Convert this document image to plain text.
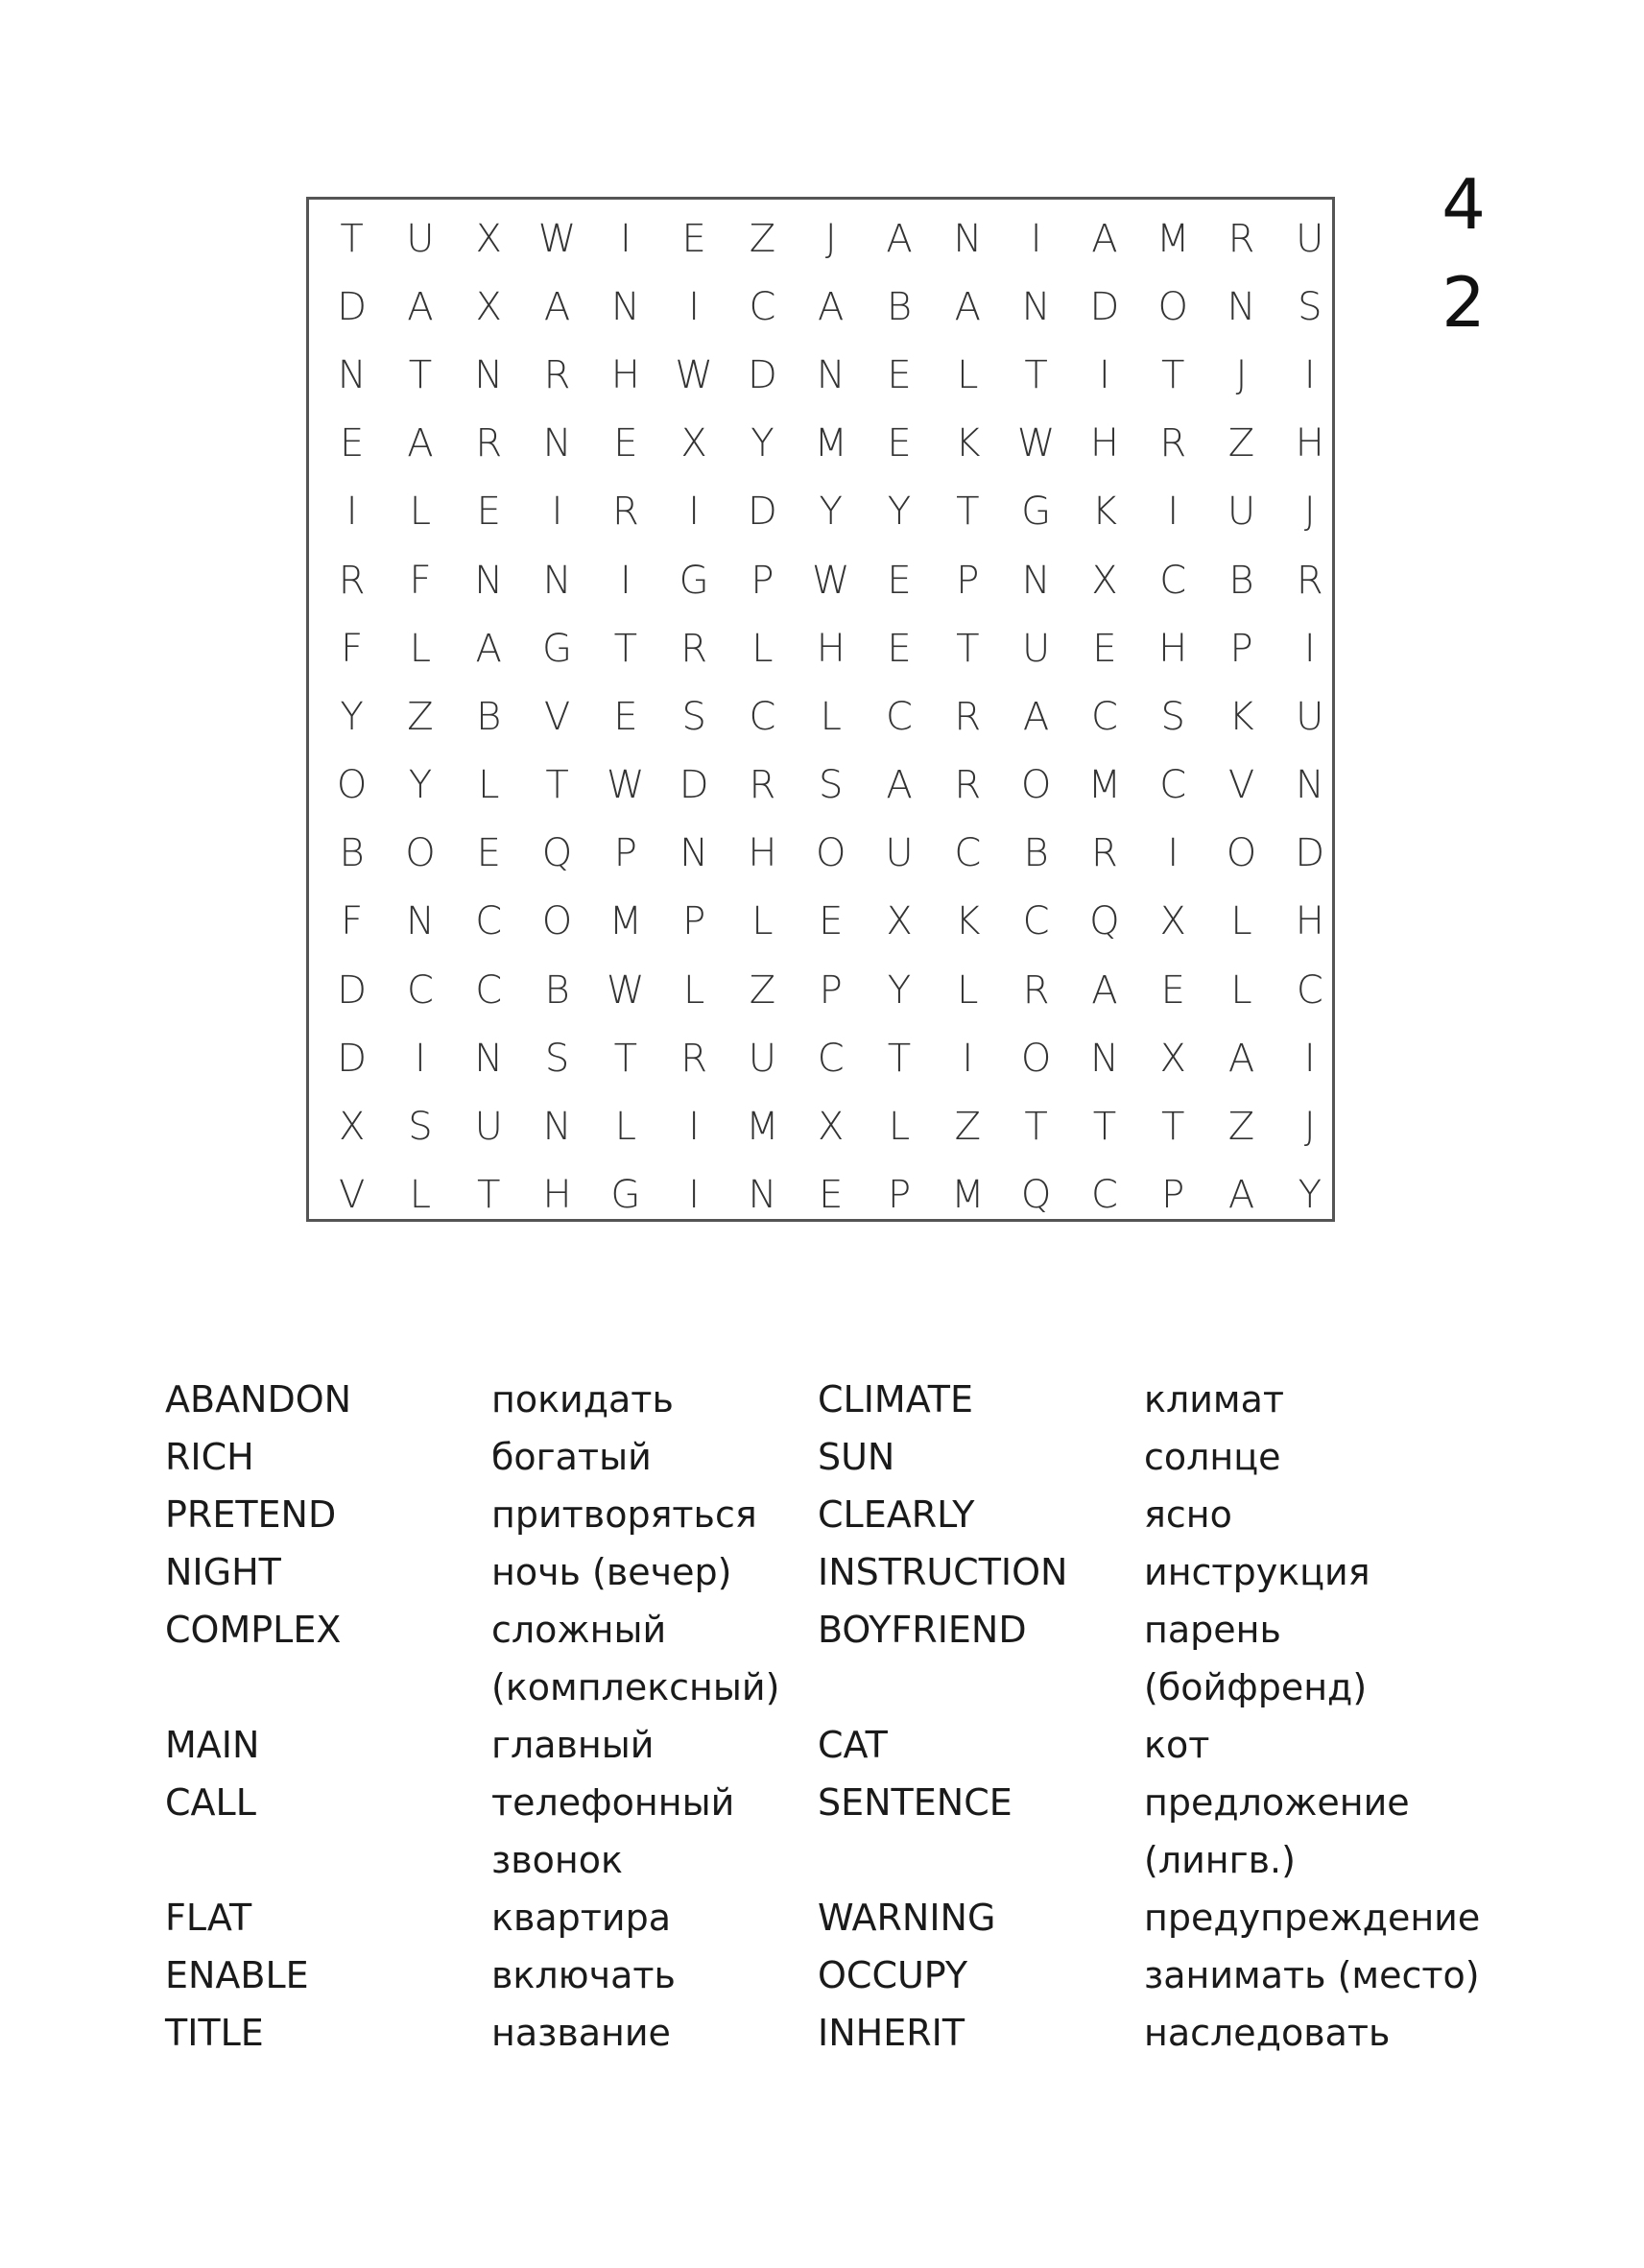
4
2
T	U	X W	I	E	Z	J	A	N	I	A	M	R	U
D	A	X	A	N	I	C	A	B	A	N	D	O	N	S
N	T	N	R	H W D	N	E	L	T	I	T	J	I
E	A	R	N	E	X	Y	M	E	K W H	R	Z	H
I	L	E	I	R	I	D	Y	Y	T	G	K	I	U	J
R	F	N	N	I	G	P W E	P	N	X	C	B	R
F	L	A	G	T	R	L	H	E	T	U	E	H	P	I
Y	Z	B	V	E	S	C	L	C	R	A	C	S	K	U
O	Y	L	T W D	R	S	A	R	O M	C	V	N
B	O	E	Q	P	N	H	O	U	C	B	R	I	O	D
F	N	C	O M	P	L	E	X	K	C	Q	X	L	H
D	C	C	B W	L	Z	P	Y	L	R	A	E	L	C
D	I	N	S	T	R	U	C	T	I	O	N	X	A	I
X	S	U	N	L	I	M	X	L	Z	T	T	T	Z	J
V	L	T	H	G	I	N	E	P	M Q	C	P	A	Y
ABANDON	покидать	CLIMATE	климат
RICH	богатый	SUN	солнце
PRETEND	притворяться	CLEARLY	ясно
NIGHT	ночь (вечер)	INSTRUCTION	инструкция
COMPLEX	сложный	BOYFRIEND	парень
(комплексный)	(бойфренд)
MAIN	главный	CAT	кот
CALL	телефонный	SENTENCE	предложение
звонок	(лингв.)
FLAT	квартира	WARNING	предупреждение
ENABLE	включать	OCCUPY	занимать (место)
TITLE	название	INHERIT	наследовать
